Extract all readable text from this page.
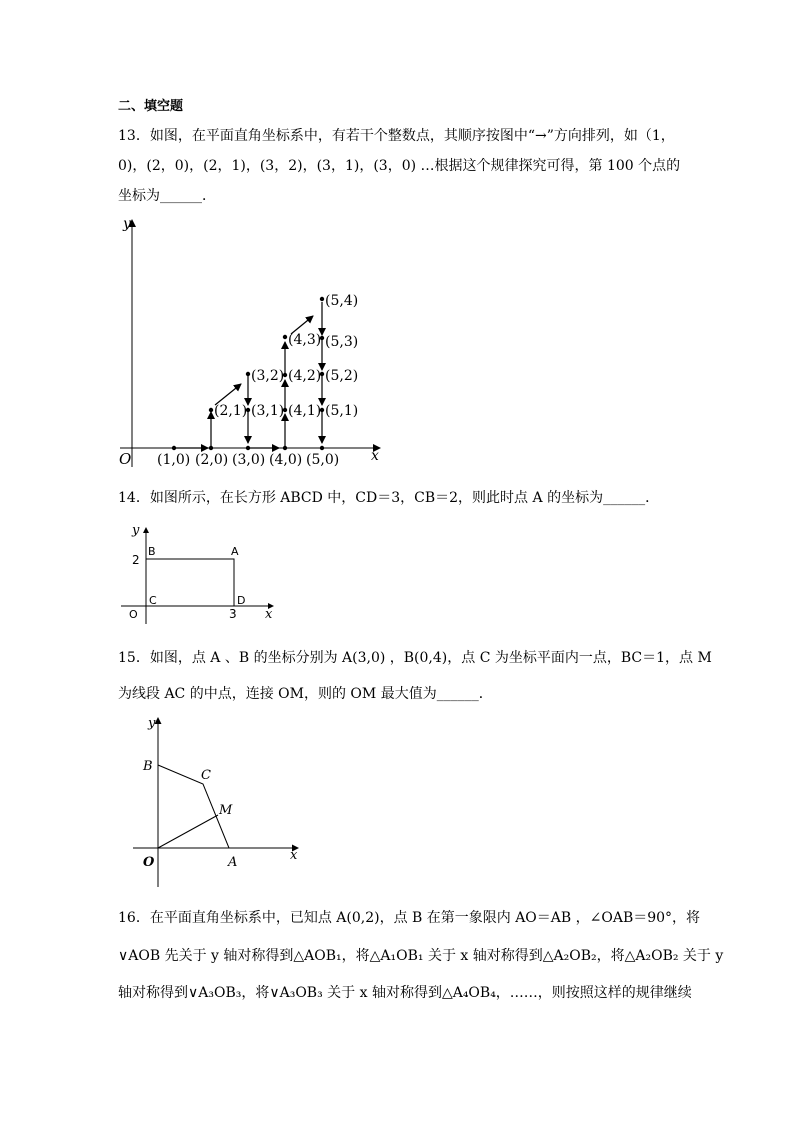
二、填空题
13．如图，在平面直角坐标系中，有若干个整数点，其顺序按图中“→”方向排列，如（1，
0)，(2，0)，(2，1)，(3，2)，(3，1)，(3，0) …根据这个规律探究可得，第 100 个点的
坐标为______．
y
x
O (1,0) (2,0) (3,0) (4,0) (5,0)
(2,1) (3,1)
(3,2)
(4,1)
(4,2)
(4,3)
(5,1)
(5,2)
(5,3)
(5,4)
14．如图所示，在长方形 ABCD 中，CD＝3，CB＝2，则此时点 A 的坐标为______．
y
x
O
B	A
C	D
2
3
15．如图，点 A 、B 的坐标分别为 A(3,0) ，B(0,4)，点 C 为坐标平面内一点，BC＝1，点 M
为线段 AC 的中点，连接 OM，则的 OM 最大值为______．
y
x
O	A
B
C
M
16．在平面直角坐标系中，已知点 A(0,2)，点 B 在第一象限内 AO＝AB ，∠OAB＝90°，将
∨AOB 先关于 y 轴对称得到△AOB₁，将△A₁OB₁ 关于 x 轴对称得到△A₂OB₂，将△A₂OB₂ 关于 y
轴对称得到∨A₃OB₃，将∨A₃OB₃ 关于 x 轴对称得到△A₄OB₄，……，则按照这样的规律继续
